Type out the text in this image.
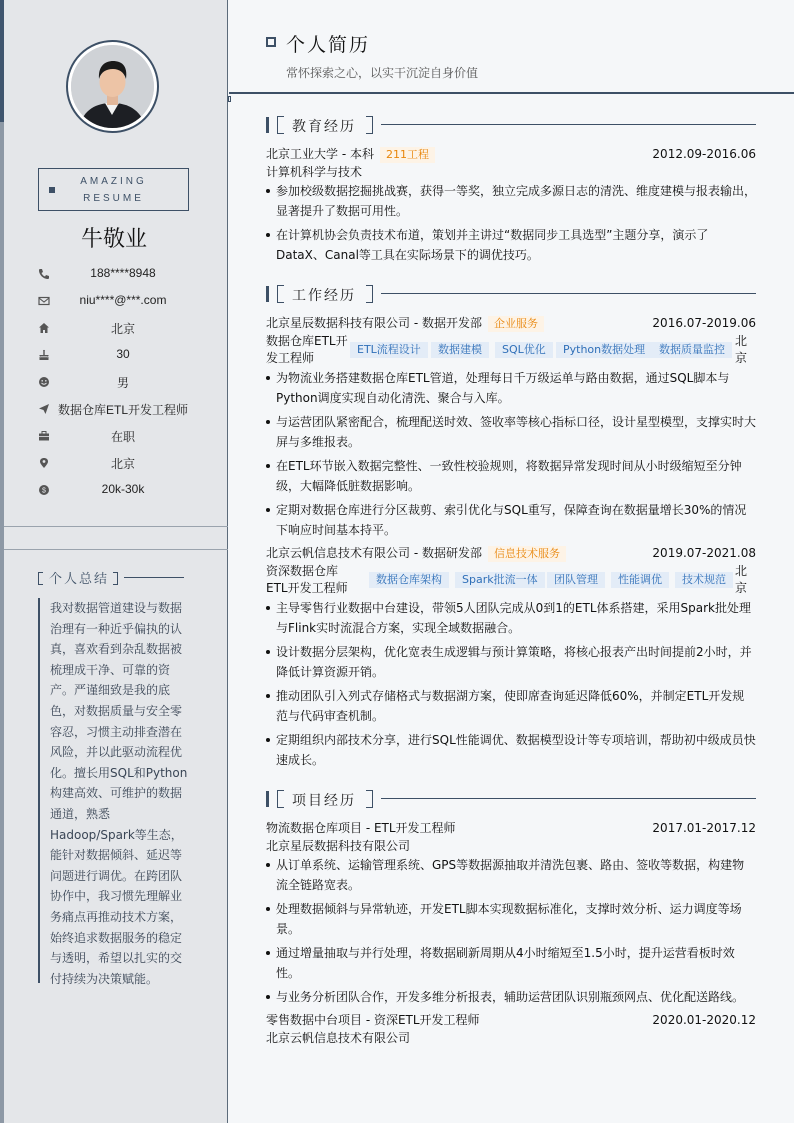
AMAZING
RESUME
牛敬业
188****8948
niu****@***.com
北京
30
男
数据仓库ETL开发工程师
在职
北京
$	20k-30k
个人总结
我对数据管道建设与数据治理有一种近乎偏执的认真，喜欢看到杂乱数据被梳理成干净、可靠的资产。严谨细致是我的底色，对数据质量与安全零容忍，习惯主动排查潜在风险，并以此驱动流程优化。擅长用SQL和Python构建高效、可维护的数据通道，熟悉Hadoop/Spark等生态，能针对数据倾斜、延迟等问题进行调优。在跨团队协作中，我习惯先理解业务痛点再推动技术方案，始终追求数据服务的稳定与透明，希望以扎实的交付持续为决策赋能。
个人简历
常怀探索之心，以实干沉淀自身价值
教育经历
北京工业大学 - 本科 211工程	2012.09-2016.06
计算机科学与技术
参加校级数据挖掘挑战赛，获得一等奖，独立完成多源日志的清洗、维度建模与报表输出，显著提升了数据可用性。
在计算机协会负责技术布道，策划并主讲过“数据同步工具选型”主题分享，演示了DataX、Canal等工具在实际场景下的调优技巧。
工作经历
北京星辰数据科技有限公司 - 数据开发部 企业服务	2016.07-2019.06
数据仓库ETL开发工程师
ETL流程设计	数据建模	SQL优化	Python数据处理	数据质量监控
北京
为物流业务搭建数据仓库ETL管道，处理每日千万级运单与路由数据，通过SQL脚本与Python调度实现自动化清洗、聚合与入库。
与运营团队紧密配合，梳理配送时效、签收率等核心指标口径，设计星型模型，支撑实时大屏与多维报表。
在ETL环节嵌入数据完整性、一致性校验规则，将数据异常发现时间从小时级缩短至分钟级，大幅降低脏数据影响。
定期对数据仓库进行分区裁剪、索引优化与SQL重写，保障查询在数据量增长30%的情况下响应时间基本持平。
北京云帆信息技术有限公司 - 数据研发部 信息技术服务	2019.07-2021.08
资深数据仓库ETL开发工程师
数据仓库架构	Spark批流一体	团队管理	性能调优	技术规范
北京
主导零售行业数据中台建设，带领5人团队完成从0到1的ETL体系搭建，采用Spark批处理与Flink实时流混合方案，实现全域数据融合。
设计数据分层架构，优化宽表生成逻辑与预计算策略，将核心报表产出时间提前2小时，并降低计算资源开销。
推动团队引入列式存储格式与数据湖方案，使即席查询延迟降低60%，并制定ETL开发规范与代码审查机制。
定期组织内部技术分享，进行SQL性能调优、数据模型设计等专项培训，帮助初中级成员快速成长。
项目经历
物流数据仓库项目 - ETL开发工程师	2017.01-2017.12
北京星辰数据科技有限公司
从订单系统、运输管理系统、GPS等数据源抽取并清洗包裹、路由、签收等数据，构建物流全链路宽表。
处理数据倾斜与异常轨迹，开发ETL脚本实现数据标准化，支撑时效分析、运力调度等场景。
通过增量抽取与并行处理，将数据刷新周期从4小时缩短至1.5小时，提升运营看板时效性。
与业务分析团队合作，开发多维分析报表，辅助运营团队识别瓶颈网点、优化配送路线。
零售数据中台项目 - 资深ETL开发工程师	2020.01-2020.12
北京云帆信息技术有限公司
